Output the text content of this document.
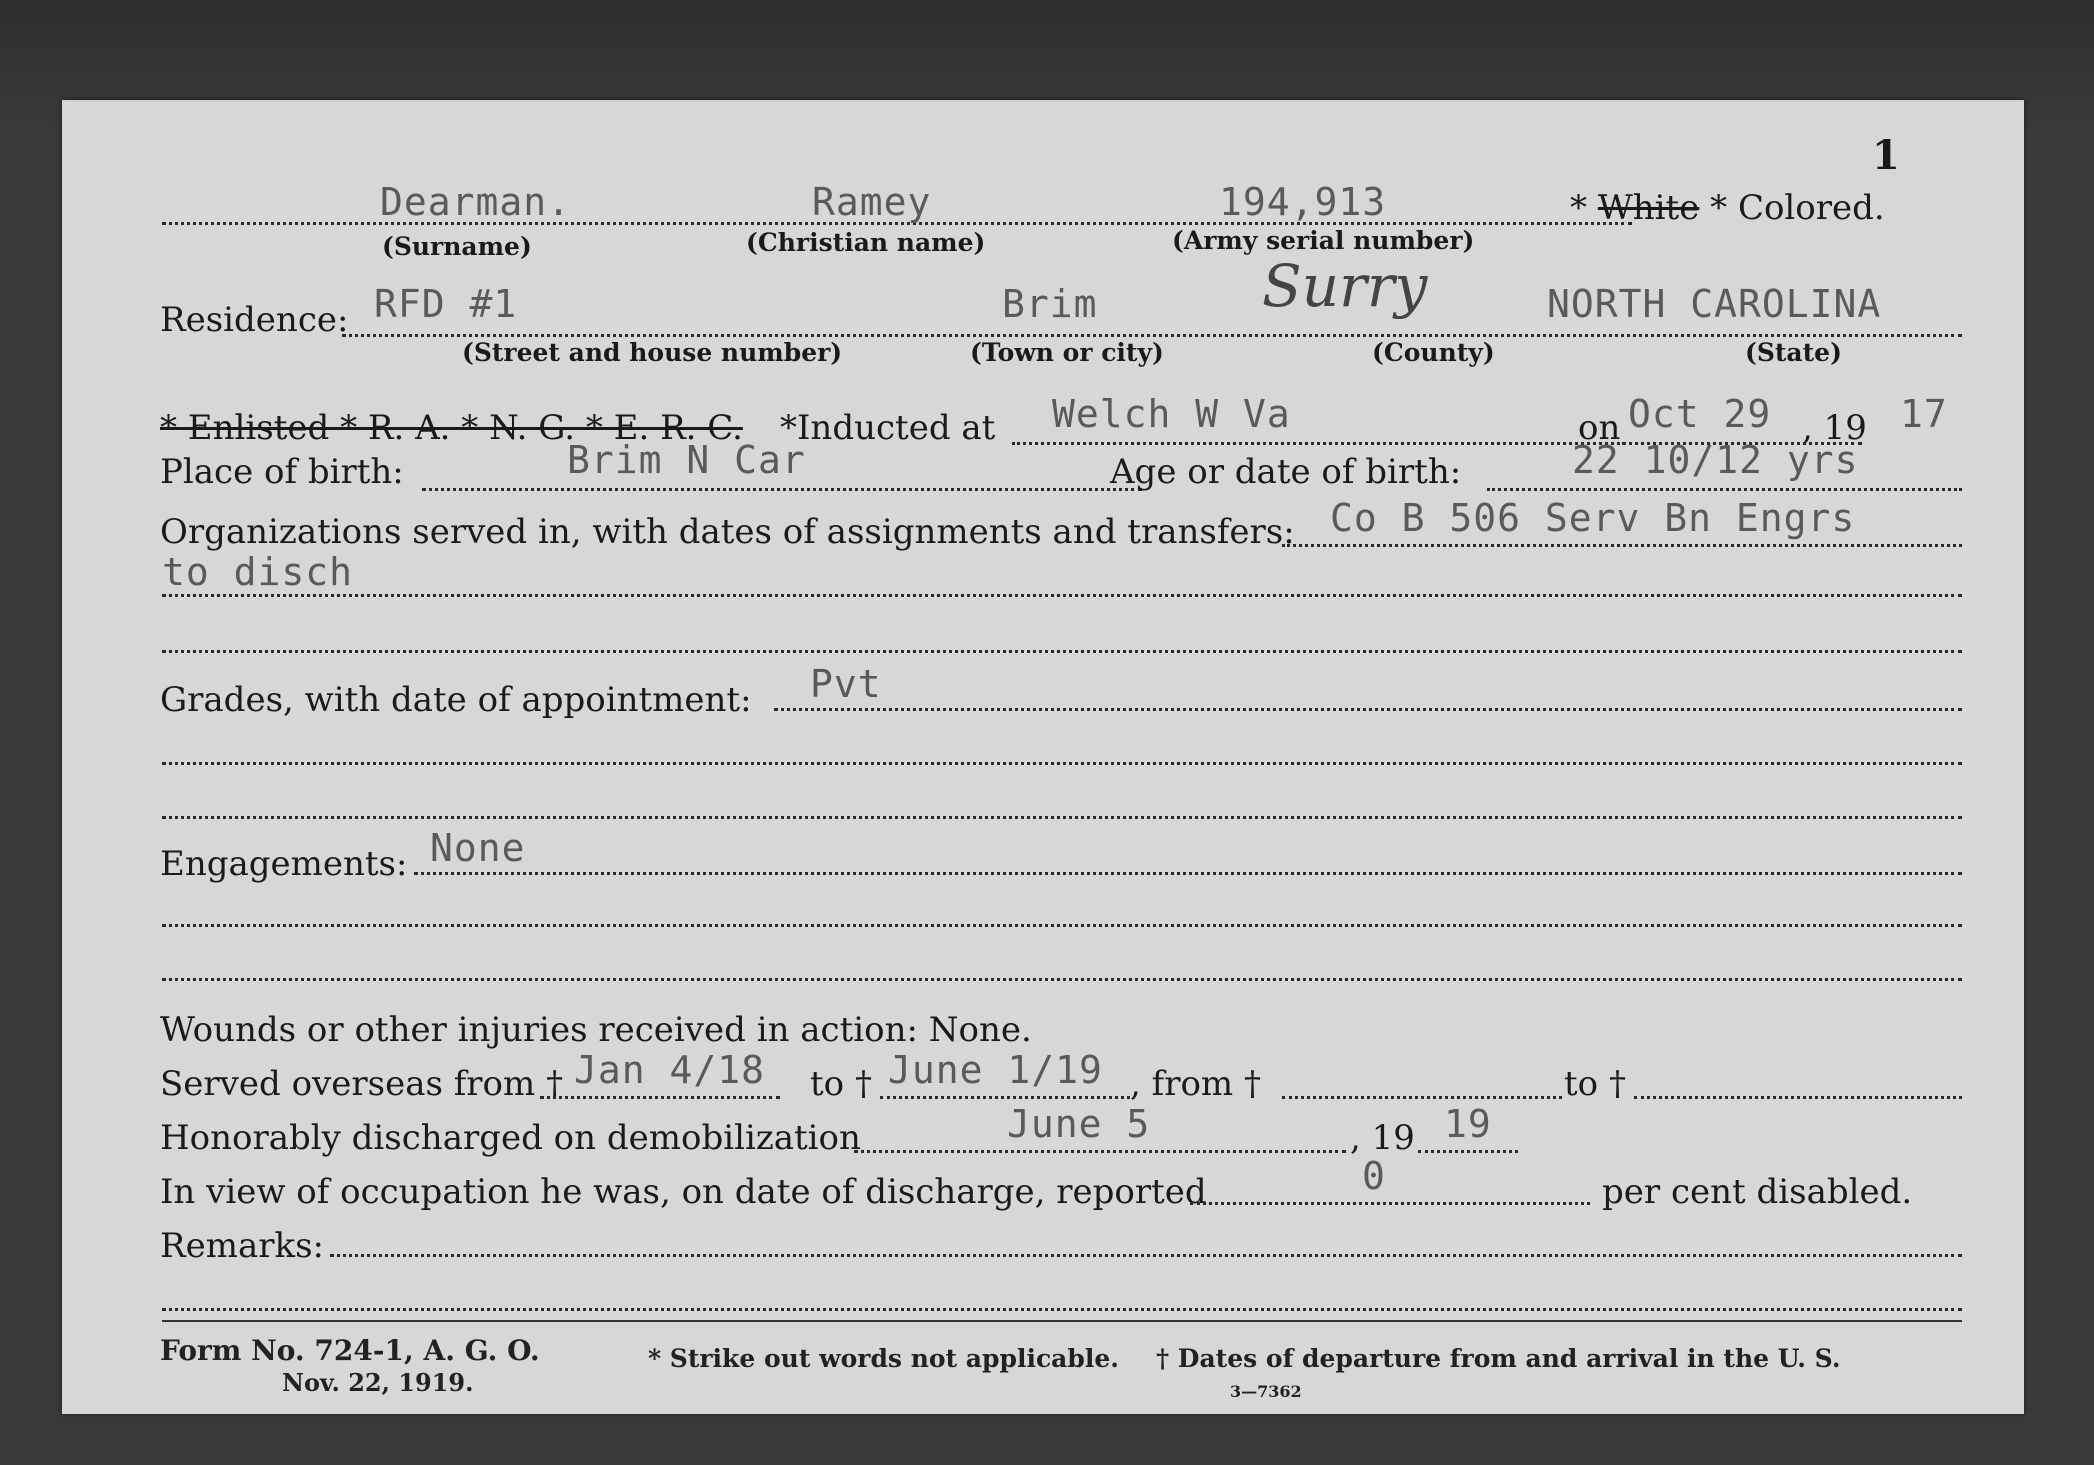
1
Dearman.	Ramey	194,913	* White * Colored.
(Surname)	(Christian name)	(Army serial number)
Residence: RFD #1	Brim	Surry	NORTH CAROLINA
(Street and house number)	(Town or city)	(County)	(State)
* Enlisted * R. A. * N. G. * E. R. C. *Inducted at Welch W Va	on Oct 29 , 19 17
Place of birth:	Brim N Car	Age or date of birth:	22 10/12 yrs
Organizations served in, with dates of assignments and transfers: Co B 506 Serv Bn Engrs
to disch
Grades, with date of appointment: Pvt
Engagements: None
Wounds or other injuries received in action: None.
Served overseas from † Jan 4/18 to † June 1/19 , from †	to †
Honorably discharged on demobilization	June 5	, 19 19
In view of occupation he was, on date of discharge, reported	0	per cent disabled.
Remarks:
Form No. 724-1, A. G. O.
Nov. 22, 1919.
* Strike out words not applicable. † Dates of departure from and arrival in the U. S.
3—7362
